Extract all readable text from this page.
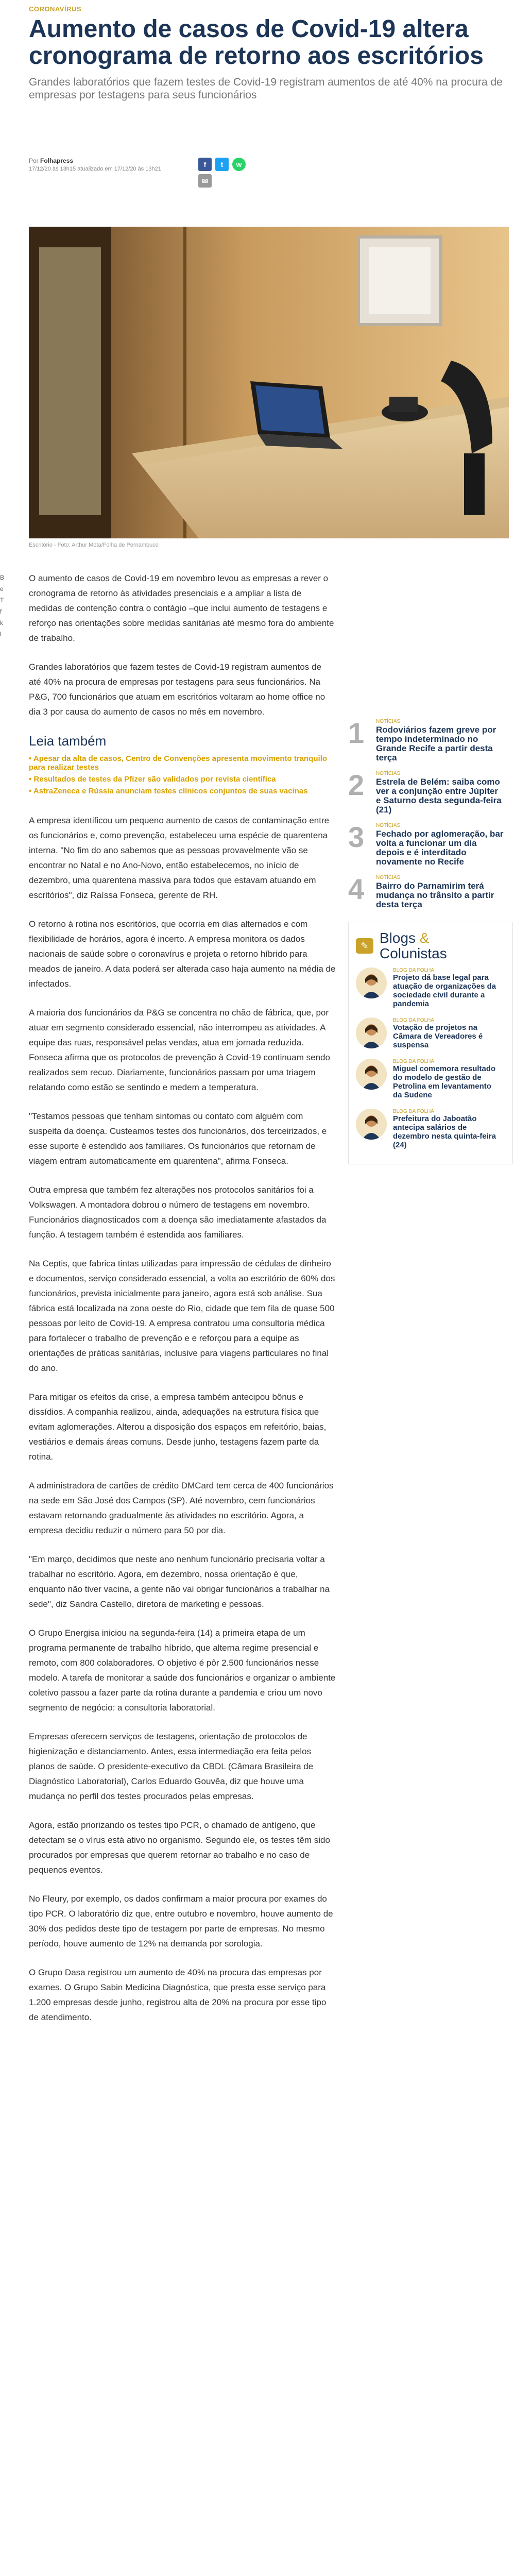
B
e
T
f
k
l
CORONAVÍRUS
Aumento de casos de Covid-19 altera cronograma de retorno aos escritórios
Grandes laboratórios que fazem testes de Covid-19 registram aumentos de até 40% na procura de empresas por testagens para seus funcionários
Por Folhapress
17/12/20 às 13h15 atualizado em 17/12/20 às 13h21
f	t	w
✉
Escritório - Foto: Arthur Mota/Folha de Pernambuco

O aumento de casos de Covid-19 em novembro levou as empresas a rever o cronograma de retorno às atividades presenciais e a ampliar a lista de medidas de contenção contra o contágio –que inclui aumento de testagens e reforço nas orientações sobre medidas sanitárias até mesmo fora do ambiente de trabalho.

Grandes laboratórios que fazem testes de Covid-19 registram aumentos de até 40% na procura de empresas por testagens para seus funcionários. Na P&G, 700 funcionários que atuam em escritórios voltaram ao home office no dia 3 por causa do aumento de casos no mês em novembro.

Leia também
• Apesar da alta de casos, Centro de Convenções apresenta movimento tranquilo para realizar testes
• Resultados de testes da Pfizer são validados por revista científica
• AstraZeneca e Rússia anunciam testes clínicos conjuntos de suas vacinas

A empresa identificou um pequeno aumento de casos de contaminação entre os funcionários e, como prevenção, estabeleceu uma espécie de quarentena interna. "No fim do ano sabemos que as pessoas provavelmente vão se encontrar no Natal e no Ano-Novo, então estabelecemos, no início de dezembro, uma quarentena massiva para todos que estavam atuando em escritórios", diz Raíssa Fonseca, gerente de RH.

O retorno à rotina nos escritórios, que ocorria em dias alternados e com flexibilidade de horários, agora é incerto. A empresa monitora os dados nacionais de saúde sobre o coronavírus e projeta o retorno híbrido para meados de janeiro. A data poderá ser alterada caso haja aumento na média de infectados.

A maioria dos funcionários da P&G se concentra no chão de fábrica, que, por atuar em segmento considerado essencial, não interrompeu as atividades. A equipe das ruas, responsável pelas vendas, atua em jornada reduzida. Fonseca afirma que os protocolos de prevenção à Covid-19 continuam sendo realizados sem recuo. Diariamente, funcionários passam por uma triagem relatando como estão se sentindo e medem a temperatura.

"Testamos pessoas que tenham sintomas ou contato com alguém com suspeita da doença. Custeamos testes dos funcionários, dos terceirizados, e esse suporte é estendido aos familiares. Os funcionários que retornam de viagem entram automaticamente em quarentena", afirma Fonseca.

Outra empresa que também fez alterações nos protocolos sanitários foi a Volkswagen. A montadora dobrou o número de testagens em novembro. Funcionários diagnosticados com a doença são imediatamente afastados da função. A testagem também é estendida aos familiares.

Na Ceptis, que fabrica tintas utilizadas para impressão de cédulas de dinheiro e documentos, serviço considerado essencial, a volta ao escritório de 60% dos funcionários, prevista inicialmente para janeiro, agora está sob análise. Sua fábrica está localizada na zona oeste do Rio, cidade que tem fila de quase 500 pessoas por leito de Covid-19. A empresa contratou uma consultoria médica para fortalecer o trabalho de prevenção e e reforçou para a equipe as orientações de práticas sanitárias, inclusive para viagens particulares no final do ano.

Para mitigar os efeitos da crise, a empresa também antecipou bônus e dissídios. A companhia realizou, ainda, adequações na estrutura física que evitam aglomerações. Alterou a disposição dos espaços em refeitório, baias, vestiários e demais áreas comuns. Desde junho, testagens fazem parte da rotina.

A administradora de cartões de crédito DMCard tem cerca de 400 funcionários na sede em São José dos Campos (SP). Até novembro, cem funcionários estavam retornando gradualmente às atividades no escritório. Agora, a empresa decidiu reduzir o número para 50 por dia.

"Em março, decidimos que neste ano nenhum funcionário precisaria voltar a trabalhar no escritório. Agora, em dezembro, nossa orientação é que, enquanto não tiver vacina, a gente não vai obrigar funcionários a trabalhar na sede", diz Sandra Castello, diretora de marketing e pessoas.

O Grupo Energisa iniciou na segunda-feira (14) a primeira etapa de um programa permanente de trabalho híbrido, que alterna regime presencial e remoto, com 800 colaboradores. O objetivo é pôr 2.500 funcionários nesse modelo. A tarefa de monitorar a saúde dos funcionários e organizar o ambiente coletivo passou a fazer parte da rotina durante a pandemia e criou um novo segmento de negócio: a consultoria laboratorial.

Empresas oferecem serviços de testagens, orientação de protocolos de higienização e distanciamento. Antes, essa intermediação era feita pelos planos de saúde. O presidente-executivo da CBDL (Câmara Brasileira de Diagnóstico Laboratorial), Carlos Eduardo Gouvêa, diz que houve uma mudança no perfil dos testes procurados pelas empresas.

Agora, estão priorizando os testes tipo PCR, o chamado de antígeno, que detectam se o vírus está ativo no organismo. Segundo ele, os testes têm sido procurados por empresas que querem retornar ao trabalho e no caso de pequenos eventos.

No Fleury, por exemplo, os dados confirmam a maior procura por exames do tipo PCR. O laboratório diz que, entre outubro e novembro, houve aumento de 30% dos pedidos deste tipo de testagem por parte de empresas. No mesmo período, houve aumento de 12% na demanda por sorologia.

O Grupo Dasa registrou um aumento de 40% na procura das empresas por exames. O Grupo Sabin Medicina Diagnóstica, que presta esse serviço para 1.200 empresas desde junho, registrou alta de 20% na procura por esse tipo de atendimento.

1	NOTÍCIAS
Rodoviários fazem greve por tempo indeterminado no Grande Recife a partir desta terça
2	NOTÍCIAS
Estrela de Belém: saiba como ver a conjunção entre Júpiter e Saturno desta segunda-feira (21)
3	NOTÍCIAS
Fechado por aglomeração, bar volta a funcionar um dia depois e é interditado novamente no Recife
4	NOTÍCIAS
Bairro do Parnamirim terá mudança no trânsito a partir desta terça
✎ Blogs &
Colunistas
BLOG DA FOLHA
Projeto dá base legal para atuação de organizações da sociedade civil durante a pandemia
BLOG DA FOLHA
Votação de projetos na Câmara de Vereadores é suspensa
BLOG DA FOLHA
Miguel comemora resultado do modelo de gestão de Petrolina em levantamento da Sudene
BLOG DA FOLHA
Prefeitura do Jaboatão antecipa salários de dezembro nesta quinta-feira (24)
